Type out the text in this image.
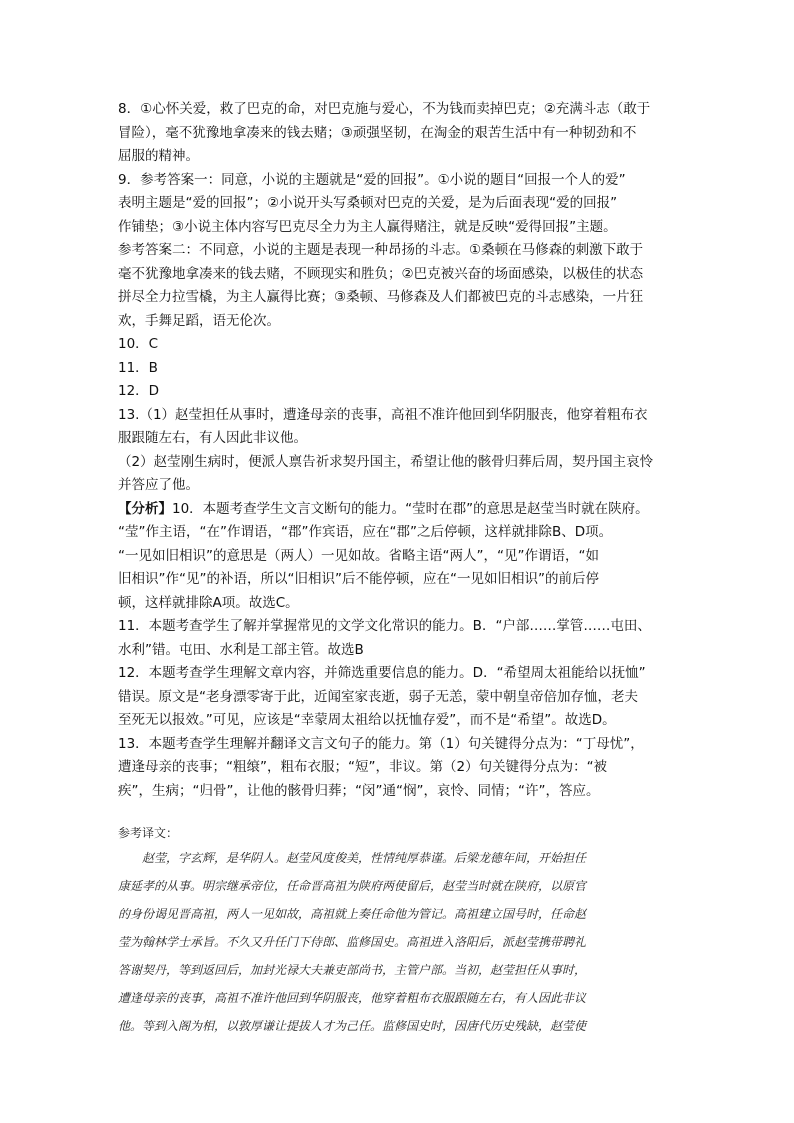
8．①心怀关爱，救了巴克的命，对巴克施与爱心，不为钱而卖掉巴克；②充满斗志（敢于
冒险），毫不犹豫地拿凑来的钱去赌；③顽强坚韧，在淘金的艰苦生活中有一种韧劲和不
屈服的精神。
9．参考答案一：同意，小说的主题就是“爱的回报”。①小说的题目“回报一个人的爱”
表明主题是“爱的回报”；②小说开头写桑顿对巴克的关爱，是为后面表现“爱的回报”
作铺垫；③小说主体内容写巴克尽全力为主人赢得赌注，就是反映“爱得回报”主题。
参考答案二：不同意，小说的主题是表现一种昂扬的斗志。①桑顿在马修森的刺激下敢于
毫不犹豫地拿凑来的钱去赌，不顾现实和胜负；②巴克被兴奋的场面感染，以极佳的状态
拼尽全力拉雪橇，为主人赢得比赛；③桑顿、马修森及人们都被巴克的斗志感染，一片狂
欢，手舞足蹈，语无伦次。
10．C
11．B
12．D
13.（1）赵莹担任从事时，遭逢母亲的丧事，高祖不准许他回到华阴服丧，他穿着粗布衣
服跟随左右，有人因此非议他。
（2）赵莹刚生病时，便派人禀告祈求契丹国主，希望让他的骸骨归葬后周，契丹国主哀怜
并答应了他。
【分析】10．本题考查学生文言文断句的能力。“莹时在郡”的意思是赵莹当时就在陕府。
“莹”作主语，“在”作谓语，“郡”作宾语，应在“郡”之后停顿，这样就排除B、D项。
“一见如旧相识”的意思是（两人）一见如故。省略主语“两人”，“见”作谓语，“如
旧相识”作“见”的补语，所以“旧相识”后不能停顿，应在“一见如旧相识”的前后停
顿，这样就排除A项。故选C。
11．本题考查学生了解并掌握常见的文学文化常识的能力。B．“户部……掌管……屯田、
水利”错。屯田、水利是工部主管。故选B
12．本题考查学生理解文章内容，并筛选重要信息的能力。D．“希望周太祖能给以抚恤”
错误。原文是“老身漂零寄于此，近闻室家丧逝，弱子无恙，蒙中朝皇帝倍加存恤，老夫
至死无以报效。”可见，应该是“幸蒙周太祖给以抚恤存爱”，而不是“希望”。故选D。
13．本题考查学生理解并翻译文言文句子的能力。第（1）句关键得分点为：“丁母忧”，
遭逢母亲的丧事；“粗缞”，粗布衣服；“短”，非议。第（2）句关键得分点为：“被
疾”，生病；“归骨”，让他的骸骨归葬；“闵”通“悯”，哀怜、同情；“许”，答应。
参考译文：
　　赵莹，字玄辉，是华阴人。赵莹风度俊美，性情纯厚恭谨。后梁龙德年间，开始担任
康延孝的从事。明宗继承帝位，任命晋高祖为陕府两使留后，赵莹当时就在陕府，以原官
的身份谒见晋高祖，两人一见如故，高祖就上奏任命他为管记。高祖建立国号时，任命赵
莹为翰林学士承旨。不久又升任门下侍郎、监修国史。高祖进入洛阳后，派赵莹携带聘礼
答谢契丹，等到返回后，加封光禄大夫兼吏部尚书，主管户部。当初，赵莹担任从事时，
遭逢母亲的丧事，高祖不准许他回到华阴服丧，他穿着粗布衣服跟随左右，有人因此非议
他。等到入阁为相，以敦厚谦让提拔人才为己任。监修国史时，因唐代历史残缺，赵莹使
